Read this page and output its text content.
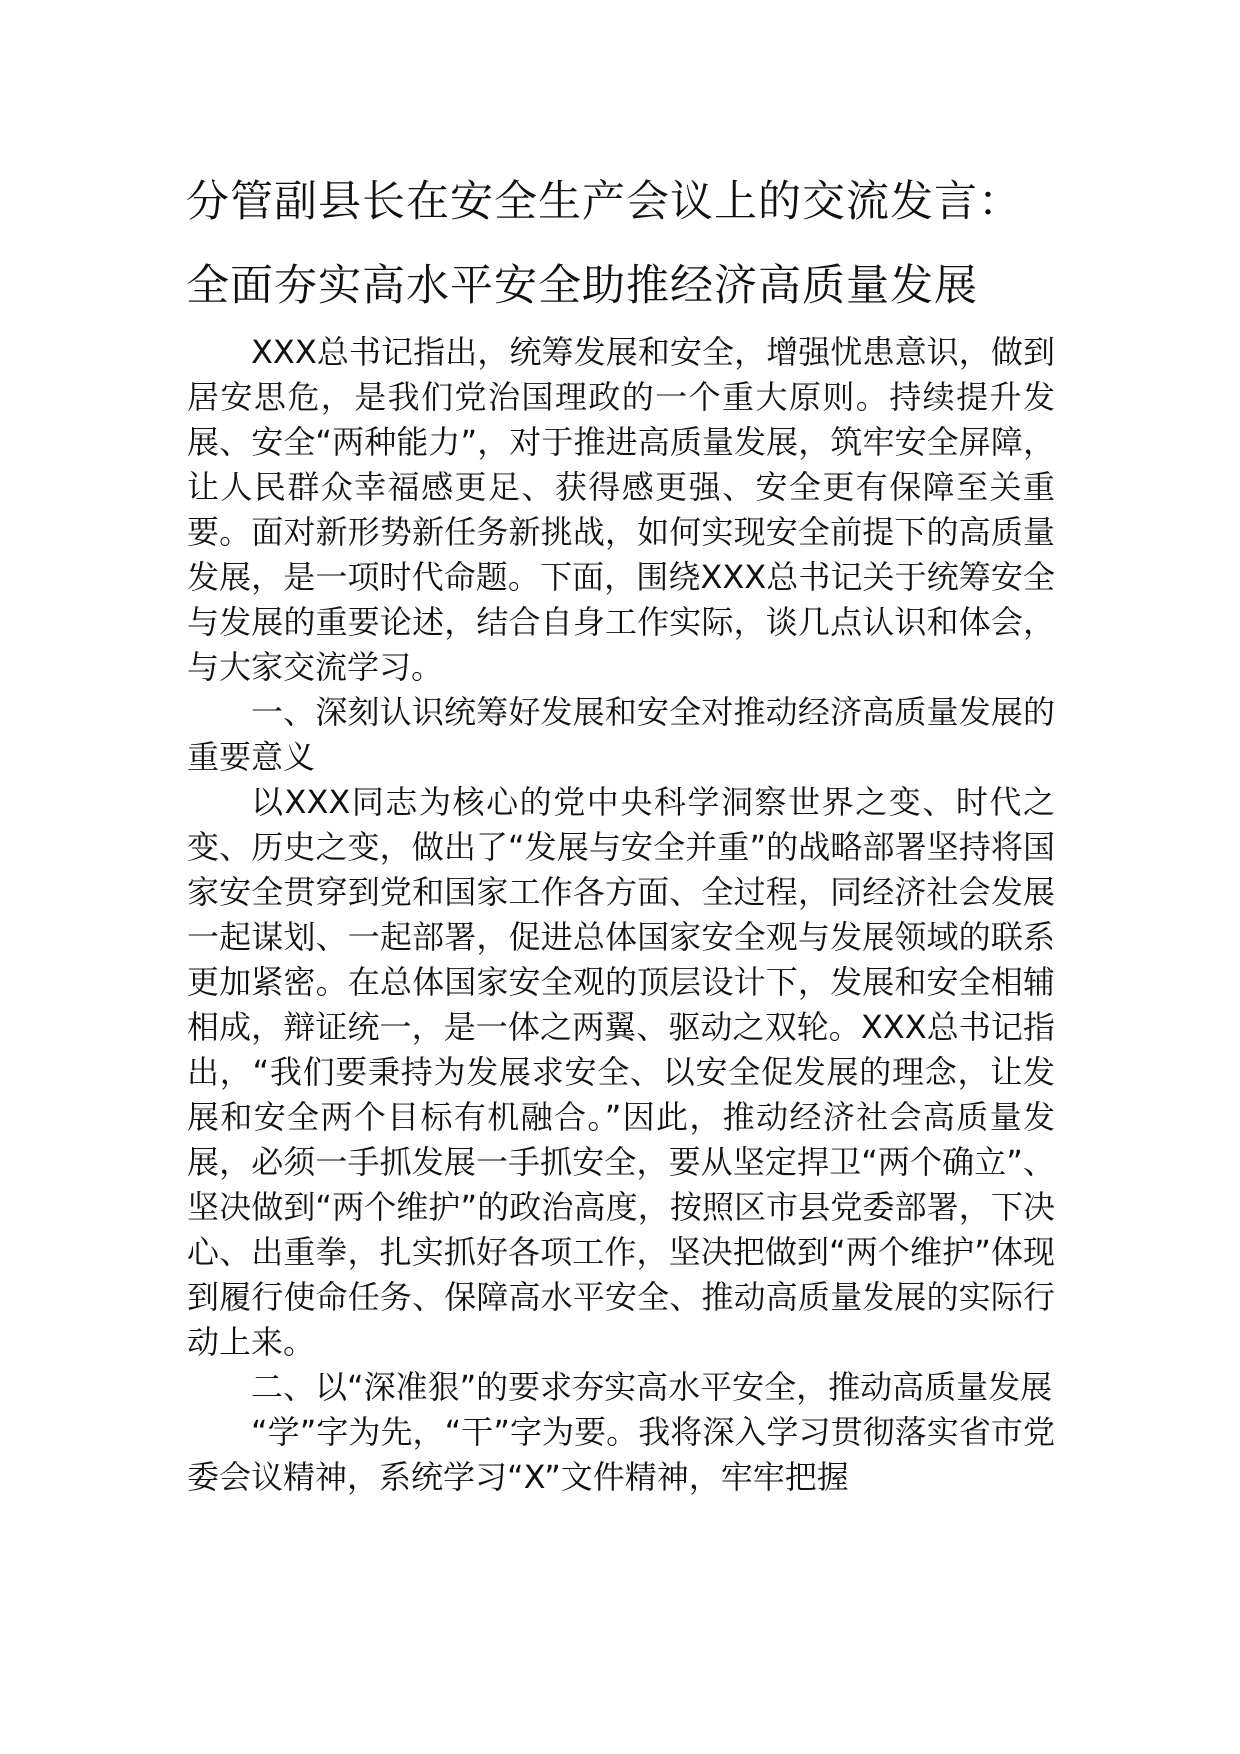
分管副县长在安全生产会议上的交流发言：
全面夯实高水平安全助推经济高质量发展

XXX总书记指出，统筹发展和安全，增强忧患意识，做到居安思危，是我们党治国理政的一个重大原则。持续提升发展、安全“两种能力”，对于推进高质量发展，筑牢安全屏障，让人民群众幸福感更足、获得感更强、安全更有保障至关重要。面对新形势新任务新挑战，如何实现安全前提下的高质量发展，是一项时代命题。下面，围绕XXX总书记关于统筹安全与发展的重要论述，结合自身工作实际，谈几点认识和体会，与大家交流学习。

一、深刻认识统筹好发展和安全对推动经济高质量发展的重要意义

以XXX同志为核心的党中央科学洞察世界之变、时代之变、历史之变，做出了“发展与安全并重”的战略部署坚持将国家安全贯穿到党和国家工作各方面、全过程，同经济社会发展一起谋划、一起部署，促进总体国家安全观与发展领域的联系更加紧密。在总体国家安全观的顶层设计下，发展和安全相辅相成，辩证统一，是一体之两翼、驱动之双轮。XXX总书记指出，“我们要秉持为发展求安全、以安全促发展的理念，让发展和安全两个目标有机融合。”因此，推动经济社会高质量发展，必须一手抓发展一手抓安全，要从坚定捍卫“两个确立”、坚决做到“两个维护”的政治高度，按照区市县党委部署，下决心、出重拳，扎实抓好各项工作，坚决把做到“两个维护”体现到履行使命任务、保障高水平安全、推动高质量发展的实际行动上来。

二、以“深准狠”的要求夯实高水平安全，推动高质量发展

“学”字为先，“干”字为要。我将深入学习贯彻落实省市党委会议精神，系统学习“X”文件精神，牢牢把握
